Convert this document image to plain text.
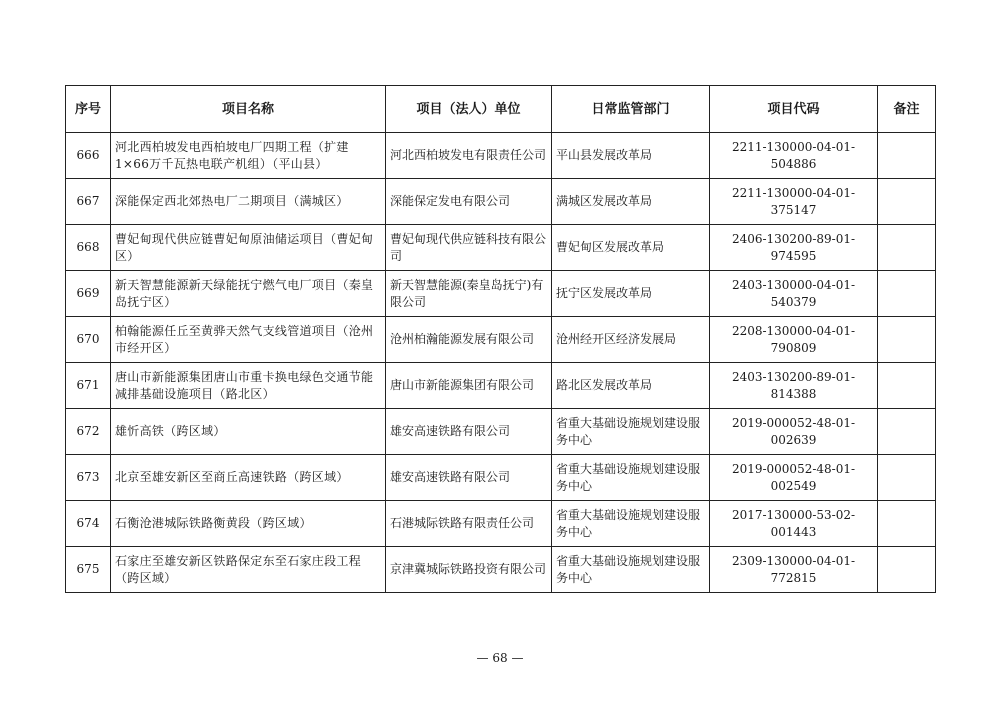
序号	项目名称	项目（法人）单位	日常监管部门	项目代码	备注
666	河北西柏坡发电西柏坡电厂四期工程（扩建1×66万千瓦热电联产机组）（平山县）	河北西柏坡发电有限责任公司	平山县发展改革局	2211-130000-04-01-504886	
667	深能保定西北郊热电厂二期项目（满城区）	深能保定发电有限公司	满城区发展改革局	2211-130000-04-01-375147	
668	曹妃甸现代供应链曹妃甸原油储运项目（曹妃甸区）	曹妃甸现代供应链科技有限公司	曹妃甸区发展改革局	2406-130200-89-01-974595	
669	新天智慧能源新天绿能抚宁燃气电厂项目（秦皇岛抚宁区）	新天智慧能源(秦皇岛抚宁)有限公司	抚宁区发展改革局	2403-130000-04-01-540379	
670	柏翰能源任丘至黄骅天然气支线管道项目（沧州市经开区）	沧州柏瀚能源发展有限公司	沧州经开区经济发展局	2208-130000-04-01-790809	
671	唐山市新能源集团唐山市重卡换电绿色交通节能减排基础设施项目（路北区）	唐山市新能源集团有限公司	路北区发展改革局	2403-130200-89-01-814388	
672	雄忻高铁（跨区域）	雄安高速铁路有限公司	省重大基础设施规划建设服务中心	2019-000052-48-01-002639	
673	北京至雄安新区至商丘高速铁路（跨区域）	雄安高速铁路有限公司	省重大基础设施规划建设服务中心	2019-000052-48-01-002549	
674	石衡沧港城际铁路衡黄段（跨区域）	石港城际铁路有限责任公司	省重大基础设施规划建设服务中心	2017-130000-53-02-001443	
675	石家庄至雄安新区铁路保定东至石家庄段工程（跨区域）	京津冀城际铁路投资有限公司	省重大基础设施规划建设服务中心	2309-130000-04-01-772815	
— 68 —
